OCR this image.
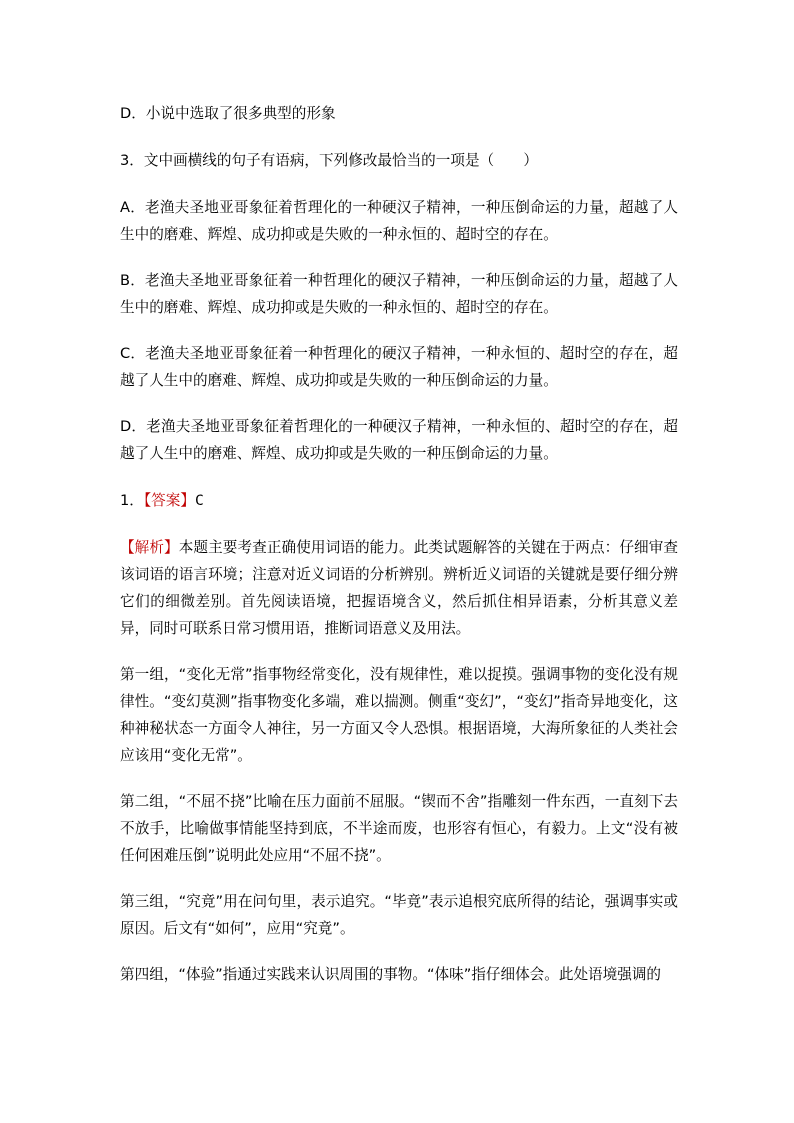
D．小说中选取了很多典型的形象

3．文中画横线的句子有语病，下列修改最恰当的一项是（　　）

A．老渔夫圣地亚哥象征着哲理化的一种硬汉子精神，一种压倒命运的力量，超越了人生中的磨难、辉煌、成功抑或是失败的一种永恒的、超时空的存在。

B．老渔夫圣地亚哥象征着一种哲理化的硬汉子精神，一种压倒命运的力量，超越了人生中的磨难、辉煌、成功抑或是失败的一种永恒的、超时空的存在。

C．老渔夫圣地亚哥象征着一种哲理化的硬汉子精神，一种永恒的、超时空的存在，超越了人生中的磨难、辉煌、成功抑或是失败的一种压倒命运的力量。

D．老渔夫圣地亚哥象征着哲理化的一种硬汉子精神，一种永恒的、超时空的存在，超越了人生中的磨难、辉煌、成功抑或是失败的一种压倒命运的力量。

1．【答案】C

【解析】本题主要考查正确使用词语的能力。此类试题解答的关键在于两点：仔细审查该词语的语言环境；注意对近义词语的分析辨别。辨析近义词语的关键就是要仔细分辨它们的细微差别。首先阅读语境，把握语境含义，然后抓住相异语素，分析其意义差异，同时可联系日常习惯用语，推断词语意义及用法。

第一组，“变化无常”指事物经常变化，没有规律性，难以捉摸。强调事物的变化没有规律性。“变幻莫测”指事物变化多端，难以揣测。侧重“变幻”，“变幻”指奇异地变化，这种神秘状态一方面令人神往，另一方面又令人恐惧。根据语境，大海所象征的人类社会应该用“变化无常”。

第二组，“不屈不挠”比喻在压力面前不屈服。“锲而不舍”指雕刻一件东西，一直刻下去不放手，比喻做事情能坚持到底，不半途而废，也形容有恒心，有毅力。上文“没有被任何困难压倒”说明此处应用“不屈不挠”。

第三组，“究竟”用在问句里，表示追究。“毕竟”表示追根究底所得的结论，强调事实或原因。后文有“如何”，应用“究竟”。

第四组，“体验”指通过实践来认识周围的事物。“体味”指仔细体会。此处语境强调的
